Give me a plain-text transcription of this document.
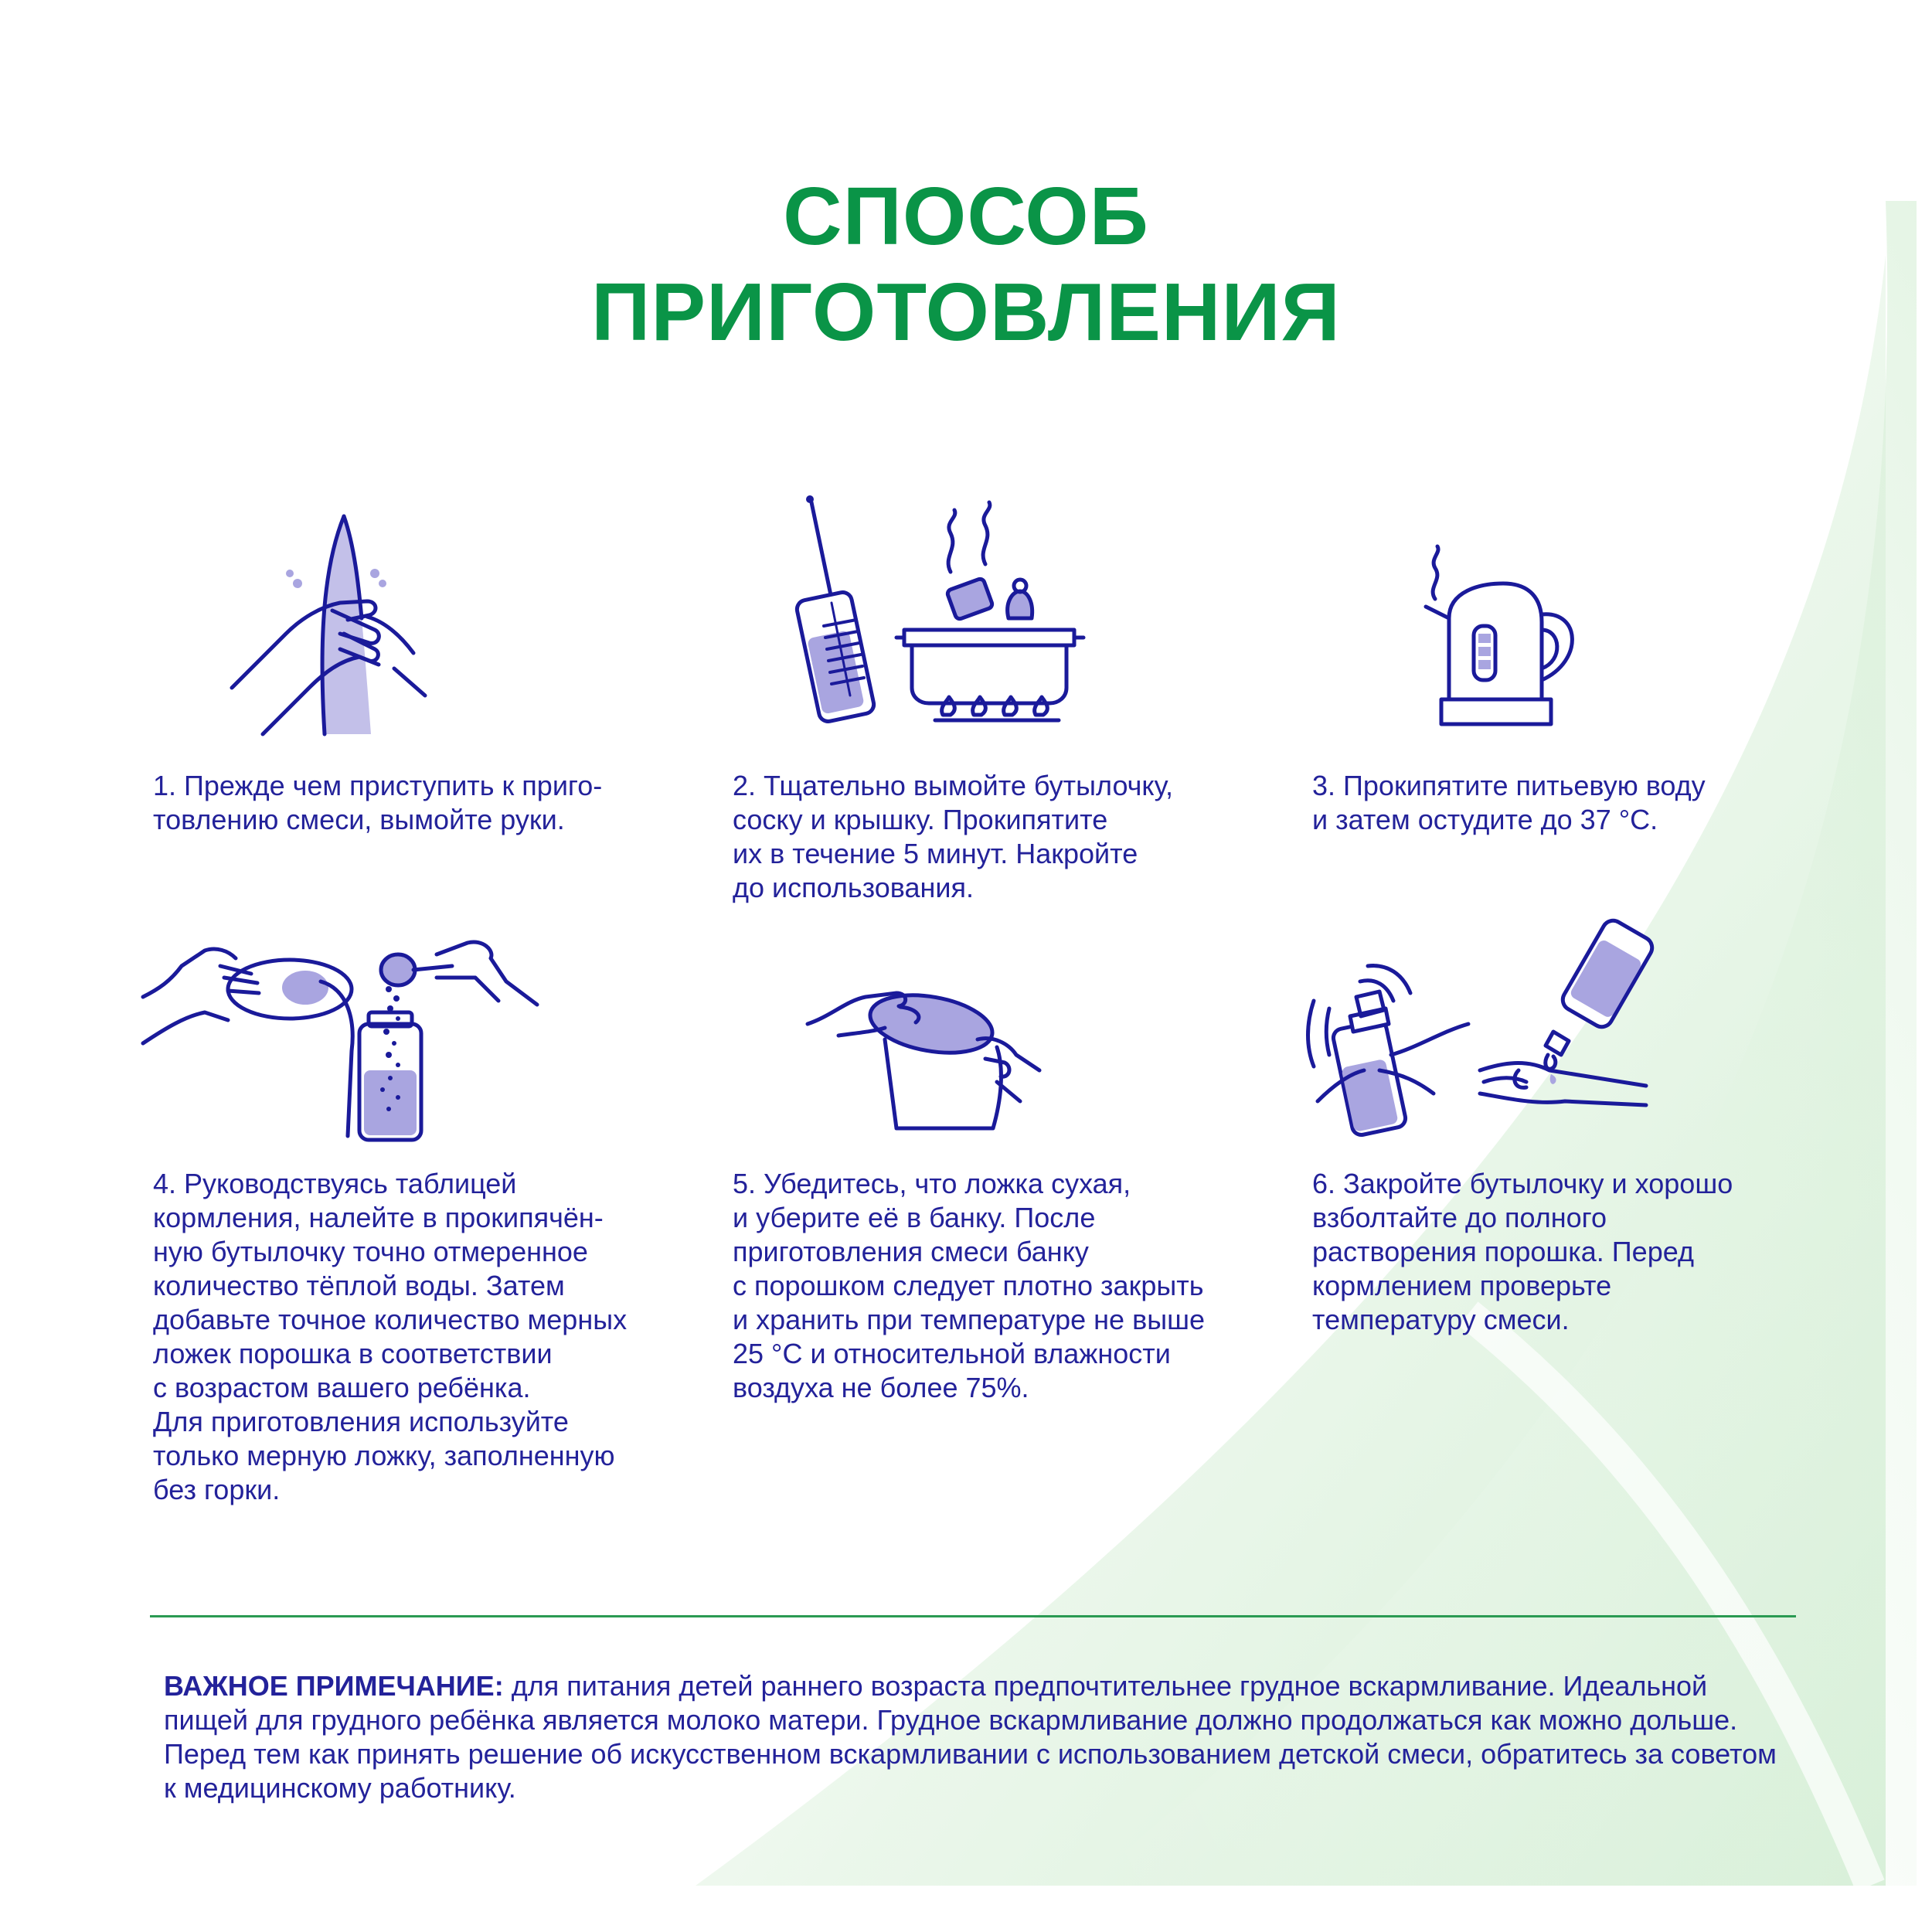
СПОСОБ
ПРИГОТОВЛЕНИЯ

1. Прежде чем приступить к приго-
товлению смеси, вымойте руки.

2. Тщательно вымойте бутылочку,
соску и крышку. Прокипятите
их в течение 5 минут. Накройте
до использования.

3. Прокипятите питьевую воду
и затем остудите до 37 °С.

4. Руководствуясь таблицей
кормления, налейте в прокипячён-
ную бутылочку точно отмеренное
количество тёплой воды. Затем
добавьте точное количество мерных
ложек порошка в соответствии
с возрастом вашего ребёнка.
Для приготовления используйте
только мерную ложку, заполненную
без горки.

5. Убедитесь, что ложка сухая,
и уберите её в банку. После
приготовления смеси банку
с порошком следует плотно закрыть
и хранить при температуре не выше
25 °С и относительной влажности
воздуха не более 75%.

6. Закройте бутылочку и хорошо
взболтайте до полного
растворения порошка. Перед
кормлением проверьте
температуру смеси.

ВАЖНОЕ ПРИМЕЧАНИЕ: для питания детей раннего возраста предпочтительнее грудное вскармливание. Идеальной пищей для грудного ребёнка является молоко матери. Грудное вскармливание должно продолжаться как можно дольше. Перед тем как принять решение об искусственном вскармливании с использованием детской смеси, обратитесь за советом к медицинскому работнику.
